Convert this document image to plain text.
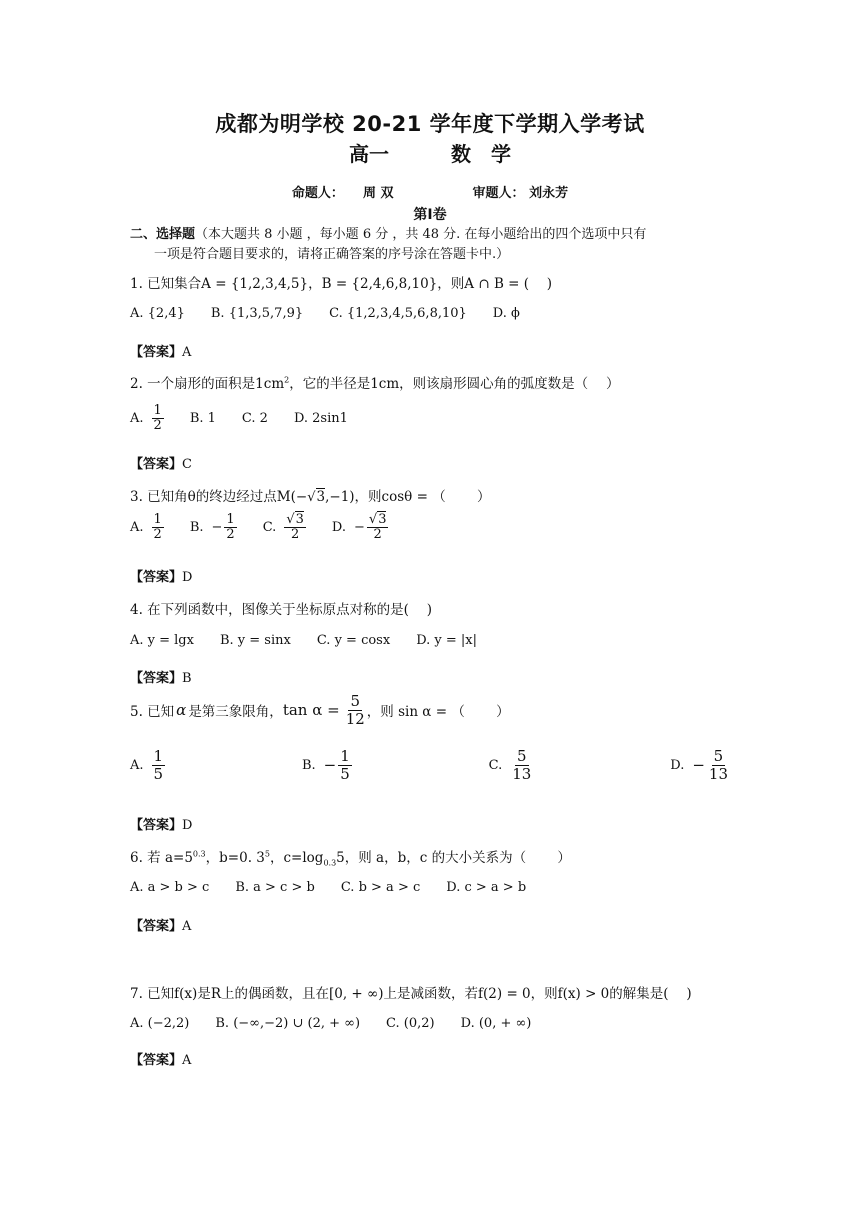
成都为明学校 20-21 学年度下学期入学考试
高一	数　学
命题人： 周 双	审题人： 刘永芳
第Ⅰ卷
二、选择题（本大题共 8 小题 ，每小题 6 分 ，共 48 分. 在每小题给出的四个选项中只有
一项是符合题目要求的，请将正确答案的序号涂在答题卡中.）
1. 已知集合A = {1,2,3,4,5}，B = {2,4,6,8,10}，则A ∩ B = (　 )
A. {2,4} B. {1,3,5,7,9} C. {1,2,3,4,5,6,8,10} D. ϕ
【答案】A
2. 一个扇形的面积是$1cm^2$，它的半径是1cm，则该扇形圆心角的弧度数是（　 ）
A. $\frac{1}{2} B$. 1 C. 2 D. 2sin1
【答案】C
3. 已知角θ的终边经过点M(−√3,−1)，则cosθ = （　　 ）
A. $\frac{1}{2} B$. − $\frac{1}{2} C$. $\frac{√3}{2} D$. − $\frac{√3}{2}$
【答案】D
4. 在下列函数中，图像关于坐标原点对称的是(　 )
A. y = lgx B. y = sinx C. y = cosx D. y = |x|
【答案】B
5. 已知 α 是第三象限角， $\tan \alpha = \frac{5}{12}$ ，则 sin α = （　　 ）
A. $\frac{1}{5}$	B. − $\frac{1}{5}$	C. $\frac{5}{13}$	D. − $\frac{5}{13}$
【答案】D
6. 若 $a=5^{0.3}$，b=0. $3^5$，$c=\log_{0.3}5$，则 a，b，c 的大小关系为（　　 ）
A. a > b > c B. a > c > b C. b > a > c D. c > a > b
【答案】A
7. 已知f(x)是R上的偶函数，且在[0, + ∞)上是减函数，若f(2) = 0，则f(x) > 0的解集是(　 )
A. (−2,2) B. (−∞,−2) ∪ (2, + ∞) C. (0,2) D. (0, + ∞)
【答案】A
